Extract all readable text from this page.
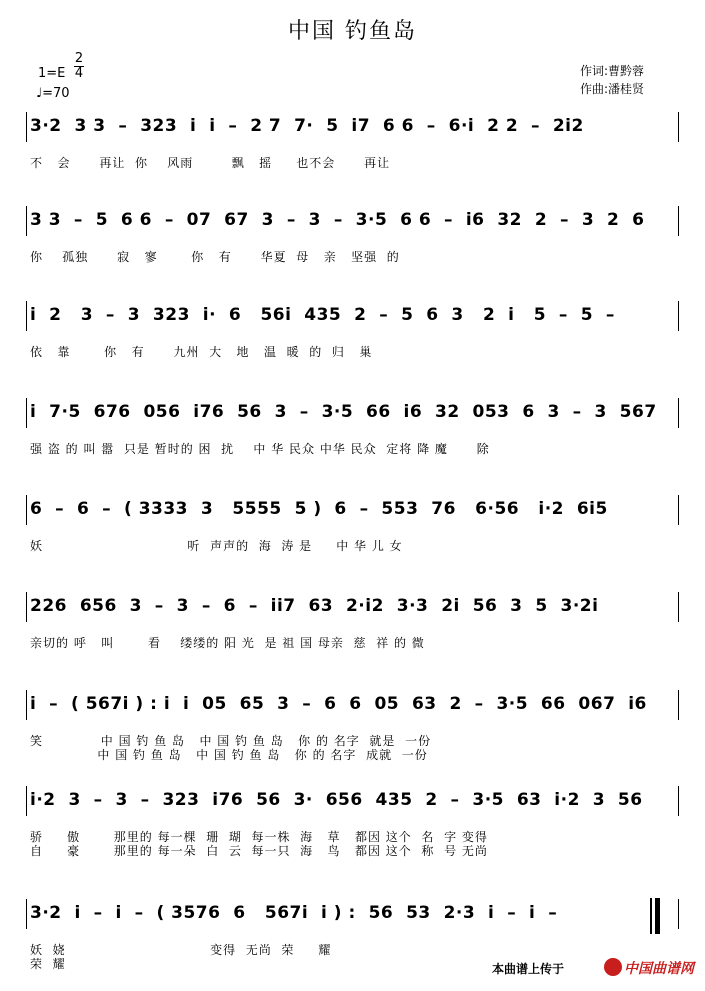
中国 钓鱼岛
1=E
2
4
♩=70
作词:曹黔蓉
作曲:潘桂贤
3·2  3 3  –  323  i  i  –  2 7  7·  5  i7  6 6  –  6·i  2 2  –  2i2
不   会      再让  你    风雨        飘   摇     也不会      再让
3 3  –  5  6 6  –  07  67  3  –  3  –  3·5  6 6  –  i6  32  2  –  3  2  6
你    孤独      寂   寥       你   有      华夏  母   亲   坚强  的
i  2   3  –  3  323  i·  6   56i  435  2  –  5  6  3   2  i   5  –  5  –
依   靠       你   有      九州  大   地   温  暖  的  归   巢
i  7·5  676  056  i76  56  3  –  3·5  66  i6  32  053  6  3  –  3  567
强 盗 的 叫 嚣  只是 暂时的 困  扰    中 华 民众 中华 民众  定将 降 魔      除
6  –  6  –  ( 3333  3   5555  5 )  6  –  553  76   6·56   i·2  6i5
妖                              听  声声的  海  涛 是     中 华 儿 女
226  656  3  –  3  –  6  –  ii7  63  2·i2  3·3  2i  56  3  5  3·2i
亲切的 呼   叫       看    缕缕的 阳 光  是 祖 国 母亲  慈  祥 的 微
i  –  ( 567i ) : i  i  05  65  3  –  6  6  05  63  2  –  3·5  66  067  i6
笑            中 国 钓 鱼 岛   中 国 钓 鱼 岛   你 的 名字  就是  一份
中 国 钓 鱼 岛   中 国 钓 鱼 岛   你 的 名字  成就  一份
i·2  3  –  3  –  323  i76  56  3·  656  435  2  –  3·5  63  i·2  3  56
骄     傲       那里的 每一棵  珊  瑚  每一株  海   草   都因 这个  名  字 变得
自     豪       那里的 每一朵  白  云  每一只  海   鸟   都因 这个  称  号 无尚
3·2  i  –  i  –  ( 3576  6   567i  i ) :  56  53  2·3  i  –  i  –
妖  娆                              变得  无尚  荣     耀
荣  耀	本曲谱上传于	中国曲谱网
